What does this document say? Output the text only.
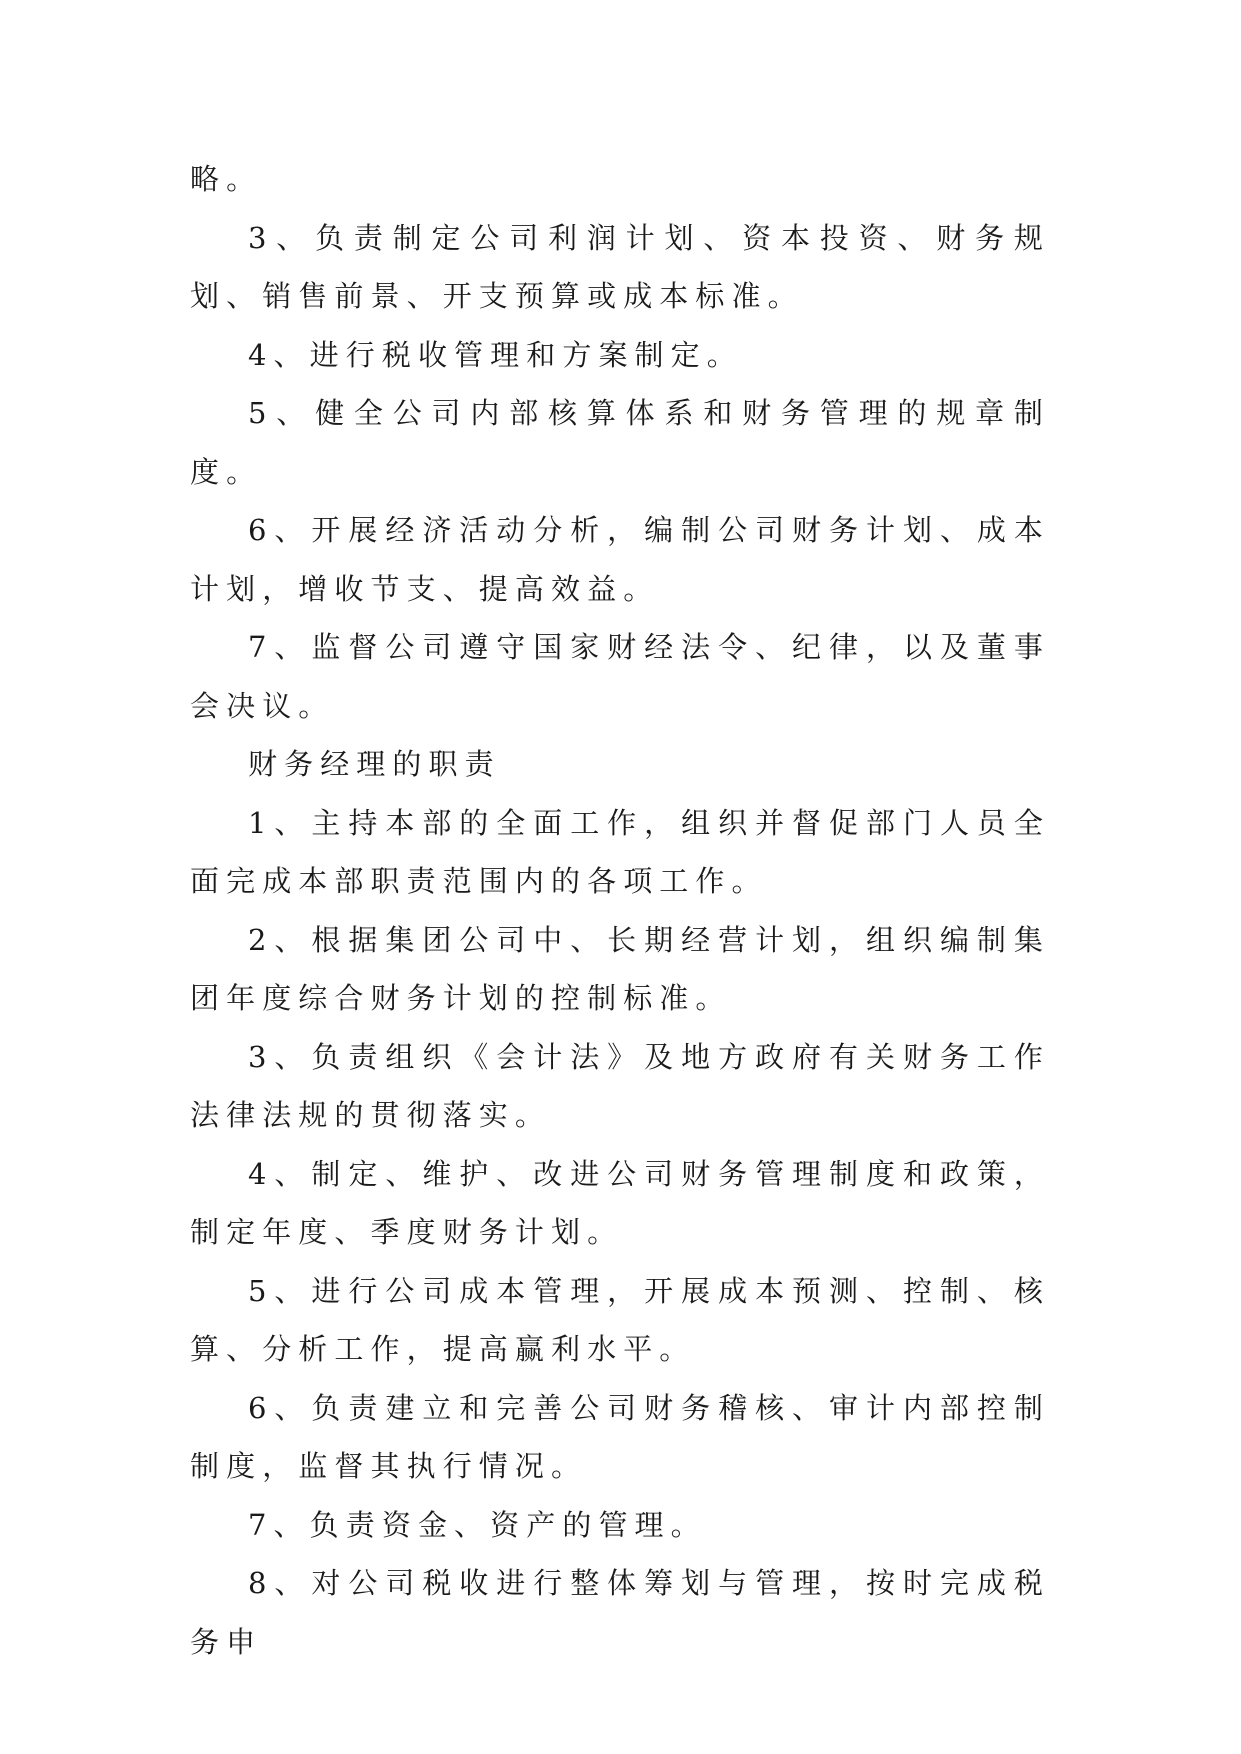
略。

3、负责制定公司利润计划、资本投资、财务规划、销售前景、开支预算或成本标准。

4、进行税收管理和方案制定。

5、健全公司内部核算体系和财务管理的规章制度。

6、开展经济活动分析，编制公司财务计划、成本计划，增收节支、提高效益。

7、监督公司遵守国家财经法令、纪律，以及董事会决议。

财务经理的职责

1、主持本部的全面工作，组织并督促部门人员全面完成本部职责范围内的各项工作。

2、根据集团公司中、长期经营计划，组织编制集团年度综合财务计划的控制标准。

3、负责组织《会计法》及地方政府有关财务工作法律法规的贯彻落实。

4、制定、维护、改进公司财务管理制度和政策，制定年度、季度财务计划。

5、进行公司成本管理，开展成本预测、控制、核算、分析工作，提高赢利水平。

6、负责建立和完善公司财务稽核、审计内部控制制度，监督其执行情况。

7、负责资金、资产的管理。

8、对公司税收进行整体筹划与管理，按时完成税务申
